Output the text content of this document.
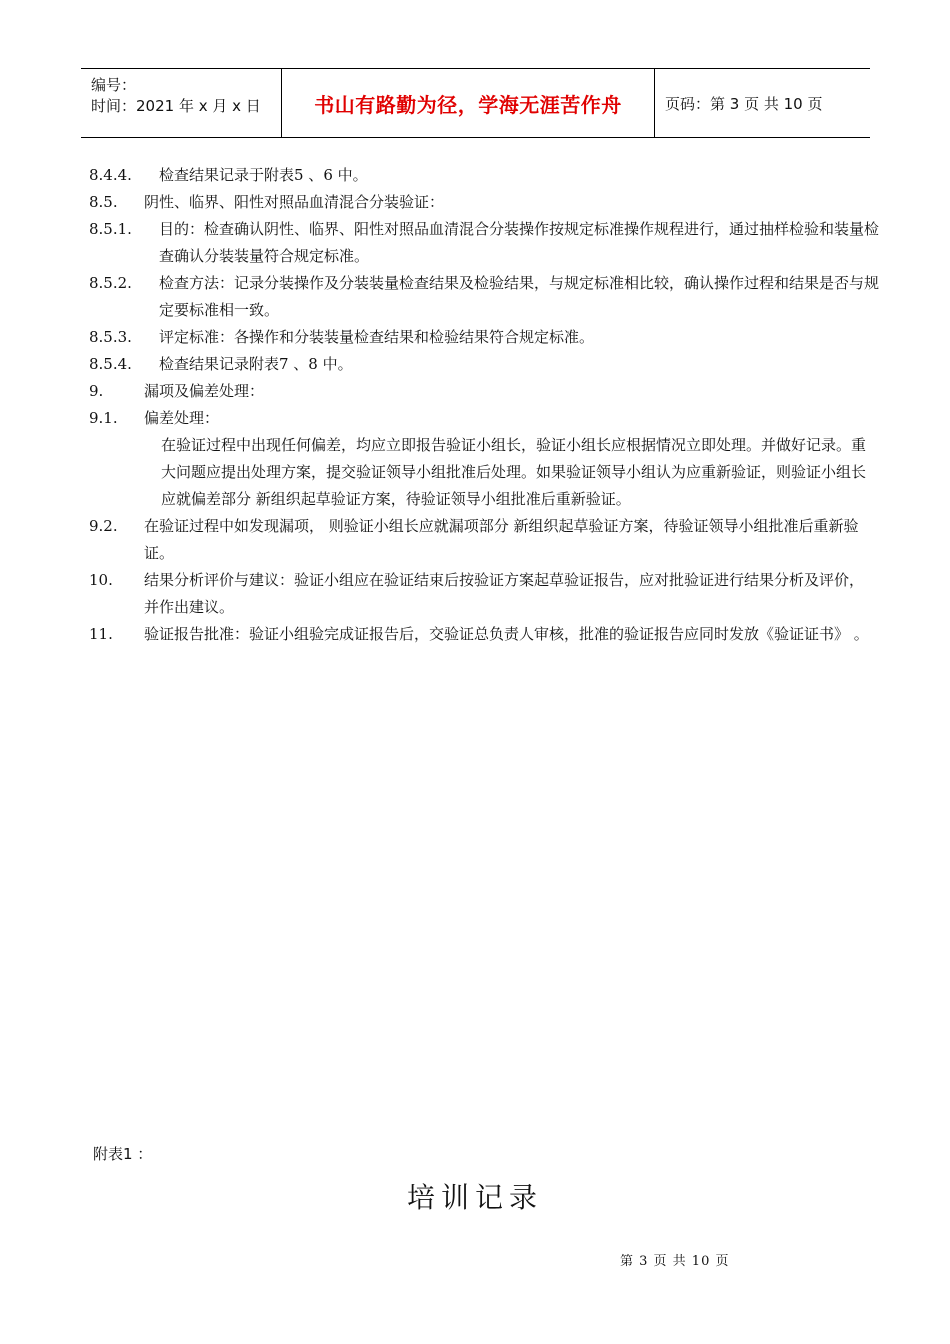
编号：
时间：2021 年 x 月 x 日	书山有路勤为径，学海无涯苦作舟	页码：第 3 页 共 10 页
8.4.4. 检查结果记录于附表5 、6 中。
8.5. 阴性、临界、阳性对照品血清混合分装验证：
8.5.1. 目的：检查确认阴性、临界、阳性对照品血清混合分装操作按规定标准操作规程进行，通过抽样检验和装量检查确认分装装量符合规定标准。
8.5.2. 检查方法：记录分装操作及分装装量检查结果及检验结果，与规定标准相比较，确认操作过程和结果是否与规定要标准相一致。
8.5.3. 评定标准：各操作和分装装量检查结果和检验结果符合规定标准。
8.5.4. 检查结果记录附表7 、8 中。
9.	漏项及偏差处理：
9.1. 偏差处理：
在验证过程中出现任何偏差，均应立即报告验证小组长，验证小组长应根据情况立即处理。并做好记录。重大问题应提出处理方案，提交验证领导小组批准后处理。如果验证领导小组认为应重新验证，则验证小组长应就偏差部分 新组织起草验证方案，待验证领导小组批准后重新验证。
9.2. 在验证过程中如发现漏项， 则验证小组长应就漏项部分 新组织起草验证方案，待验证领导小组批准后重新验证。
10. 结果分析评价与建议：验证小组应在验证结束后按验证方案起草验证报告，应对批验证进行结果分析及评价， 并作出建议。
11. 验证报告批准：验证小组验完成证报告后，交验证总负责人审核，批准的验证报告应同时发放《验证证书》 。
附表1 ：
培训记录
第 3 页 共 10 页
